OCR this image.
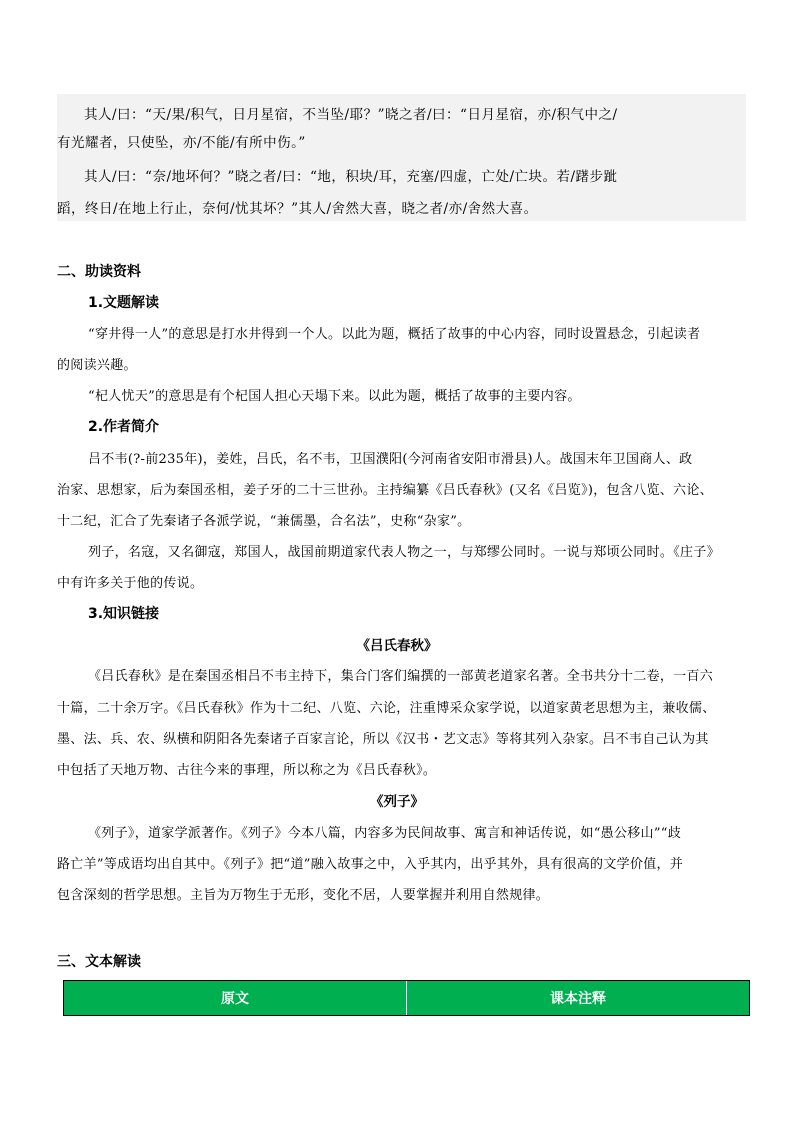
其人/曰：“天/果/积气，日月星宿，不当坠/耶？”晓之者/曰：“日月星宿，亦/积气中之/
有光耀者，只使坠，亦/不能/有所中伤。”
其人/曰：“奈/地坏何？”晓之者/曰：“地，积块/耳，充塞/四虚，亡处/亡块。若/躇步跐
蹈，终日/在地上行止，奈何/忧其坏？”其人/舍然大喜，晓之者/亦/舍然大喜。
二、助读资料
1.文题解读
“穿井得一人”的意思是打水井得到一个人。以此为题，概括了故事的中心内容，同时设置悬念，引起读者
的阅读兴趣。
“杞人忧天”的意思是有个杞国人担心天塌下来。以此为题，概括了故事的主要内容。
2.作者简介
吕不韦(?-前235年)，姜姓，吕氏，名不韦，卫国濮阳(今河南省安阳市滑县)人。战国末年卫国商人、政
治家、思想家，后为秦国丞相，姜子牙的二十三世孙。主持编纂《吕氏春秋》(又名《吕览》)，包含八览、六论、
十二纪，汇合了先秦诸子各派学说，“兼儒墨，合名法”，史称“杂家”。
列子，名寇，又名御寇，郑国人，战国前期道家代表人物之一，与郑缪公同时。一说与郑顷公同时。《庄子》
中有许多关于他的传说。
3.知识链接
《吕氏春秋》
《吕氏春秋》是在秦国丞相吕不韦主持下，集合门客们编撰的一部黄老道家名著。全书共分十二卷，一百六
十篇，二十余万字。《吕氏春秋》作为十二纪、八览、六论，注重博采众家学说，以道家黄老思想为主，兼收儒、
墨、法、兵、农、纵横和阴阳各先秦诸子百家言论，所以《汉书・艺文志》等将其列入杂家。吕不韦自己认为其
中包括了天地万物、古往今来的事理，所以称之为《吕氏春秋》。
《列子》
《列子》，道家学派著作。《列子》今本八篇，内容多为民间故事、寓言和神话传说，如“愚公移山”“歧
路亡羊”等成语均出自其中。《列子》把“道”融入故事之中，入乎其内，出乎其外，具有很高的文学价值，并
包含深刻的哲学思想。主旨为万物生于无形，变化不居，人要掌握并利用自然规律。
三、文本解读
原文	课本注释
